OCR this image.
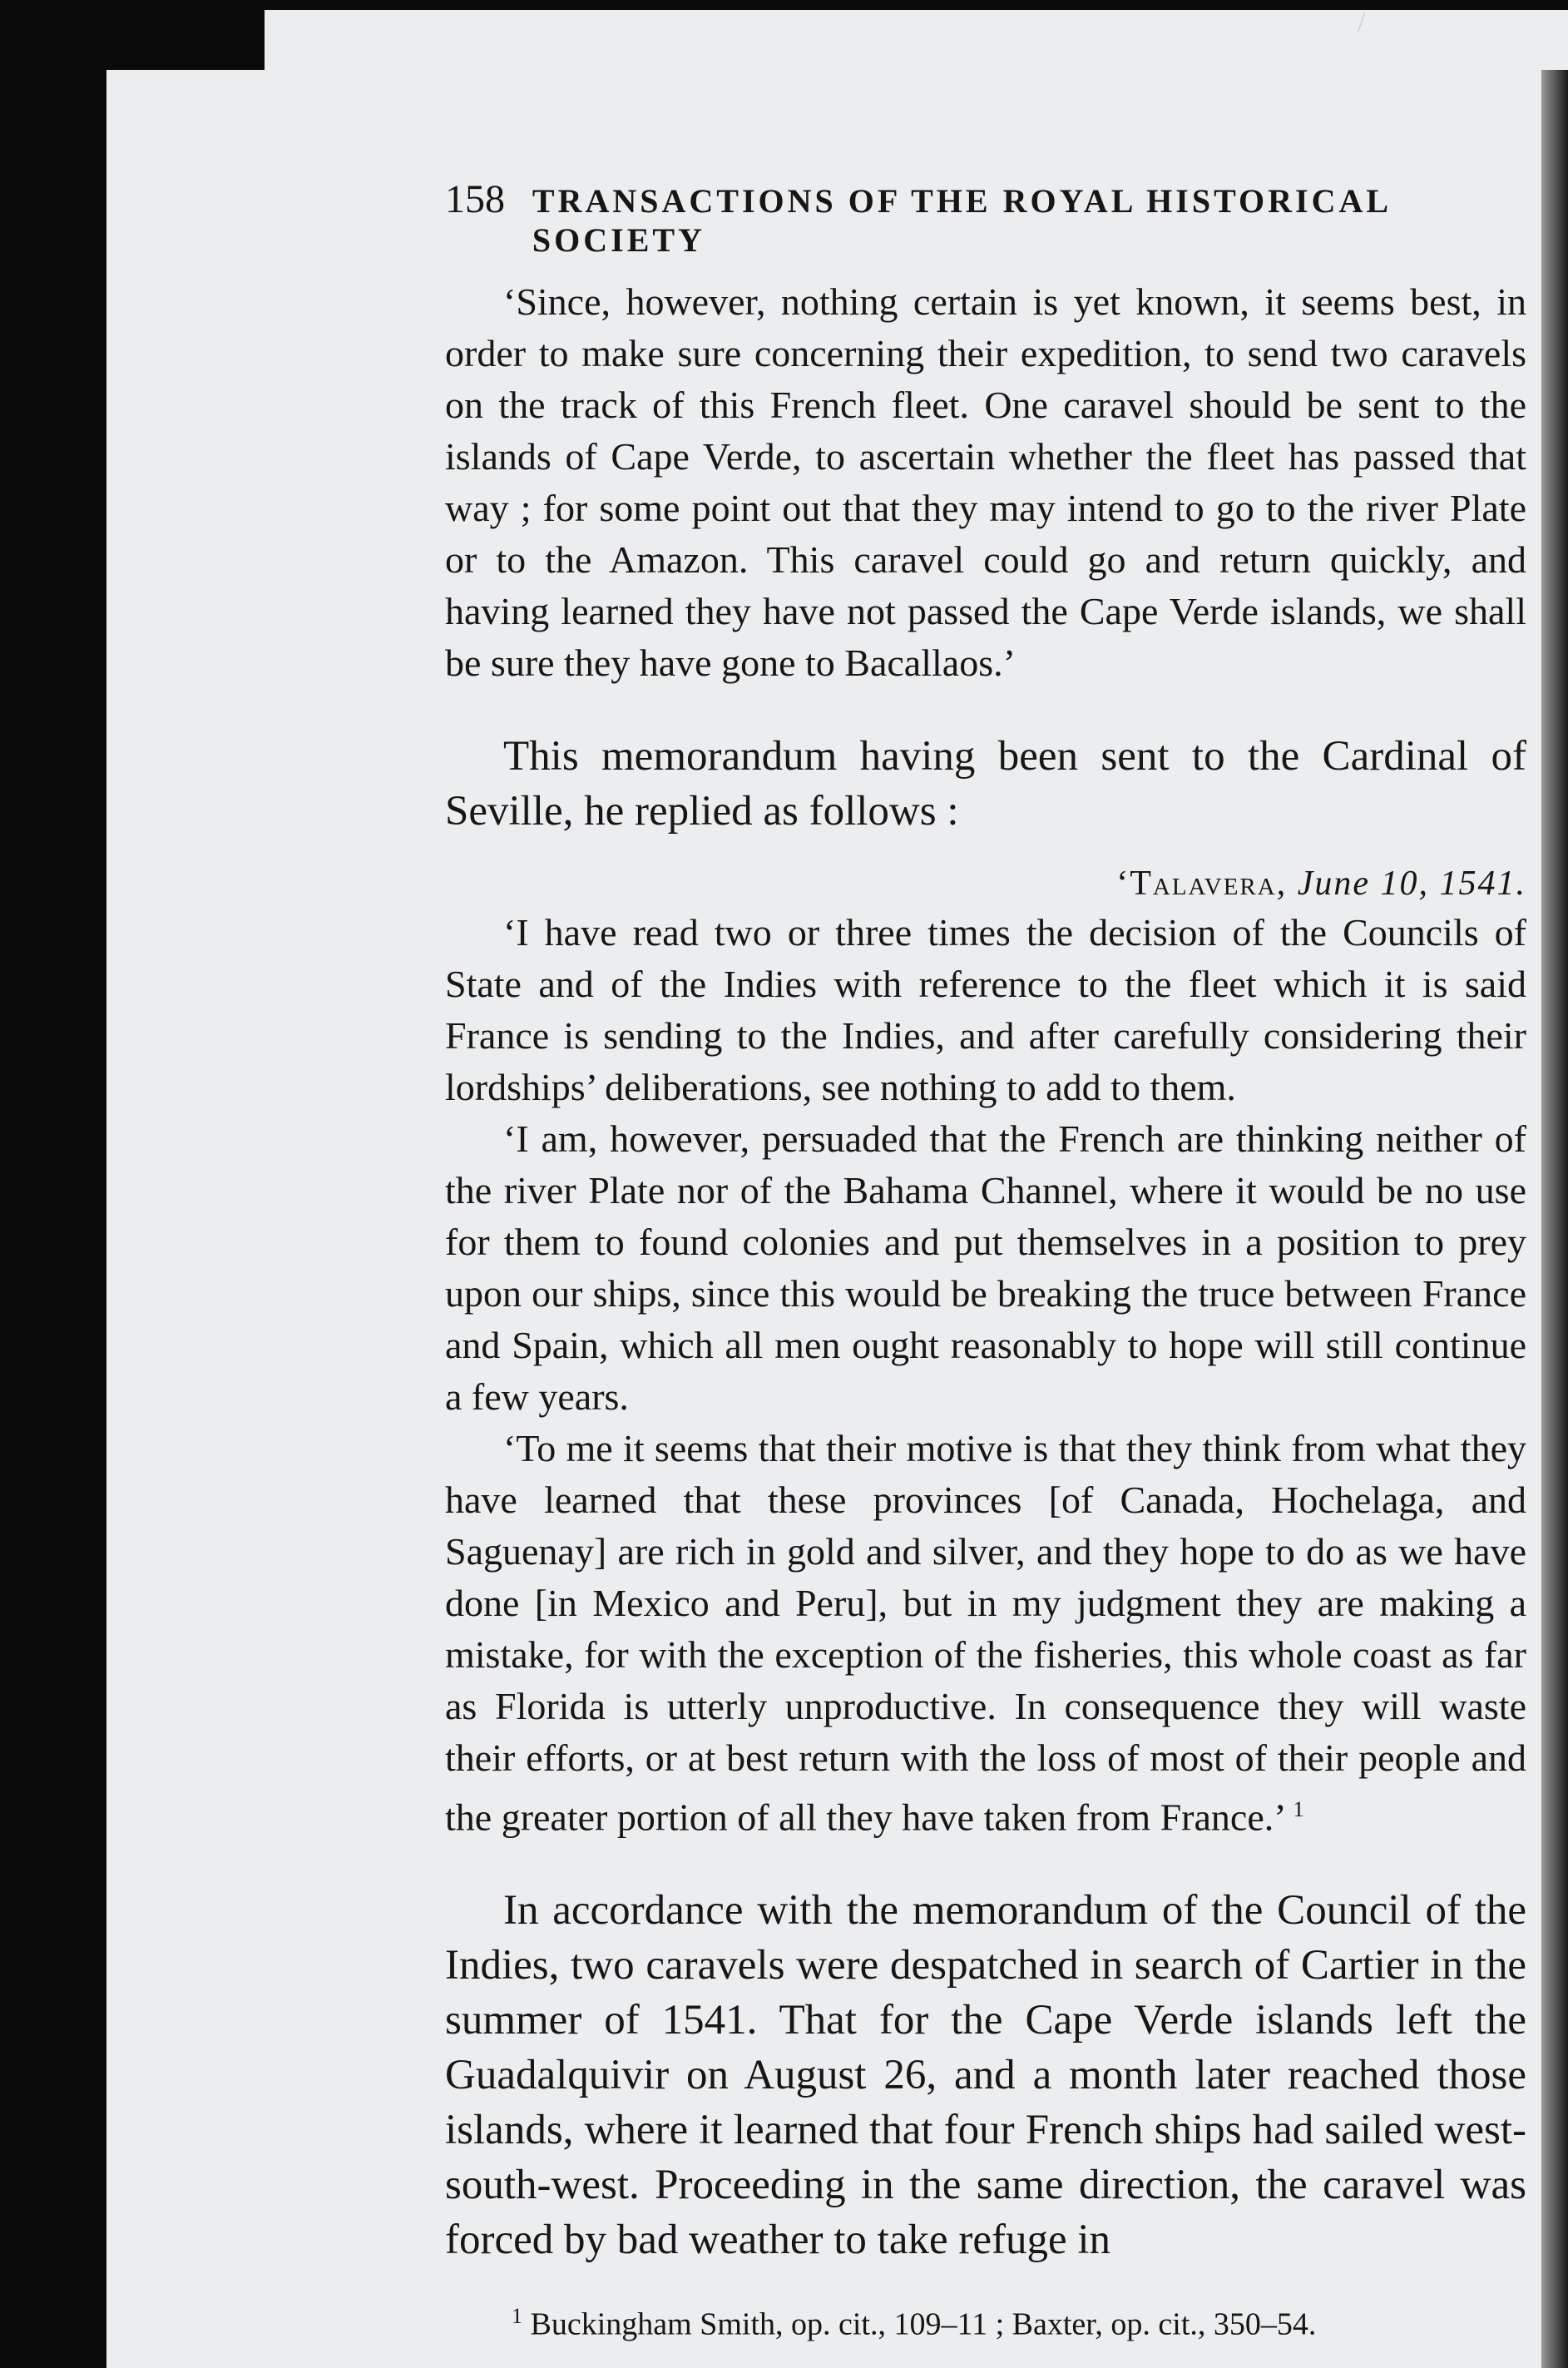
/
158 TRANSACTIONS OF THE ROYAL HISTORICAL SOCIETY

‘Since, however, nothing certain is yet known, it seems best, in order to make sure concerning their expedition, to send two caravels on the track of this French fleet. One caravel should be sent to the islands of Cape Verde, to ascertain whether the fleet has passed that way ; for some point out that they may intend to go to the river Plate or to the Amazon. This caravel could go and return quickly, and having learned they have not passed the Cape Verde islands, we shall be sure they have gone to Bacallaos.’

This memorandum having been sent to the Cardinal of Seville, he replied as follows :

‘Talavera, June 10, 1541.

‘I have read two or three times the decision of the Councils of State and of the Indies with reference to the fleet which it is said France is sending to the Indies, and after carefully considering their lordships’ deliberations, see nothing to add to them.

‘I am, however, persuaded that the French are thinking neither of the river Plate nor of the Bahama Channel, where it would be no use for them to found colonies and put themselves in a position to prey upon our ships, since this would be breaking the truce between France and Spain, which all men ought reasonably to hope will still continue a few years.

‘To me it seems that their motive is that they think from what they have learned that these provinces [of Canada, Hochelaga, and Saguenay] are rich in gold and silver, and they hope to do as we have done [in Mexico and Peru], but in my judgment they are making a mistake, for with the exception of the fisheries, this whole coast as far as Florida is utterly unproductive. In consequence they will waste their efforts, or at best return with the loss of most of their people and the greater portion of all they have taken from France.’ $^1$

In accordance with the memorandum of the Council of the Indies, two caravels were despatched in search of Cartier in the summer of 1541. That for the Cape Verde islands left the Guadalquivir on August 26, and a month later reached those islands, where it learned that four French ships had sailed west-south-west. Proceeding in the same direction, the caravel was forced by bad weather to take refuge in

$^1$ Buckingham Smith, op. cit., 109–11 ; Baxter, op. cit., 350–54.
